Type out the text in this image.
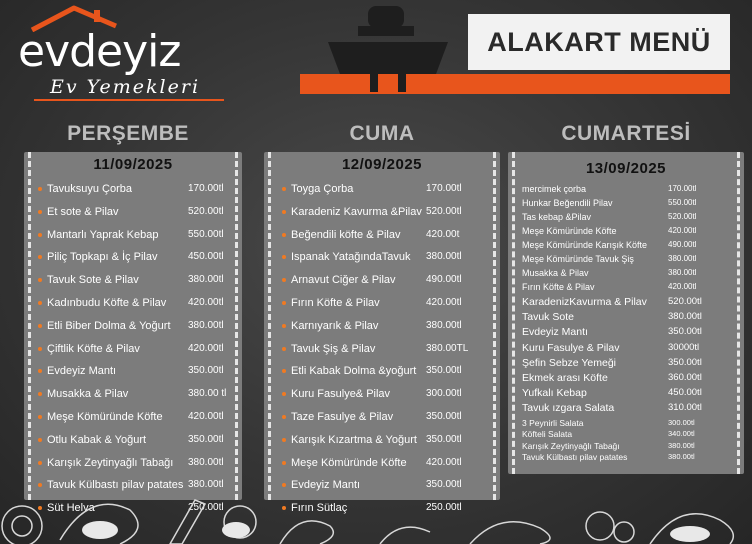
evdeyiz
Ev Yemekleri
ALAKART MENÜ
PERŞEMBE	CUMA	CUMARTESİ
11/09/2025	12/09/2025	13/09/2025
Tavuksuyu Çorba	170.00tl
Et sote & Pilav	520.00tl
Mantarlı Yaprak Kebap	550.00tl
Piliç Topkapı & İç Pilav	450.00tl
Tavuk Sote & Pilav	380.00tl
Kadınbudu Köfte & Pilav 420.00tl
Etli Biber Dolma & Yoğurt 380.00tl
Çiftlik Köfte & Pilav	420.00tl
Evdeyiz Mantı	350.00tl
Musakka & Pilav	380.00 tl
Meşe Kömüründe Köfte	420.00tl
Otlu Kabak & Yoğurt	350.00tl
Karışık Zeytinyağlı Tabağı 380.00tl
Tavuk Külbastı pilav patates 380.00tl
Süt Helva	250.00tl
Toyga Çorba	170.00tl
Karadeniz Kavurma &Pilav 520.00tl
Beğendili köfte & Pilav	420.00t
Ispanak YatağındaTavuk 380.00tl
Arnavut Ciğer & Pilav	490.00tl
Fırın Köfte & Pilav	420.00tl
Karnıyarık & Pilav	380.00tl
Tavuk Şiş & Pilav	380.00TL
Etli Kabak Dolma &yoğurt 350.00tl
Kuru Fasulye& Pilav	300.00tl
Taze Fasulye & Pilav	350.00tl
Karışık Kızartma & Yoğurt 350.00tl
Meşe Kömüründe Köfte 420.00tl
Evdeyiz Mantı	350.00tl
Fırın Sütlaç	250.00tl
mercimek çorba	170.00tl
Hunkar Beğendili Pilav	550.00tl
Tas kebap &Pilav	520.00tl
Meşe Kömüründe Köfte	420.00tl
Meşe Kömüründe Karışık Köfte	490.00tl
Meşe Kömüründe Tavuk Şiş	380.00tl
Musakka & Pilav	380.00tl
Fırın Köfte & Pilav	420.00tl
KaradenizKavurma & Pilav 520.00tl
Tavuk Sote	380.00tl
Evdeyiz Mantı	350.00tl
Kuru Fasulye & Pilav	30000tl
Şefin Sebze Yemeği	350.00tl
Ekmek arası Köfte	360.00tl
Yufkalı Kebap	450.00tl
Tavuk ızgara Salata	310.00tl
3 Peynirli Salata	300.00tl
Köfteli Salata	340.00tl
Karışık Zeytinyağlı Tabağı	380.00tl
Tavuk Külbastı pilav patates	380.00tl
